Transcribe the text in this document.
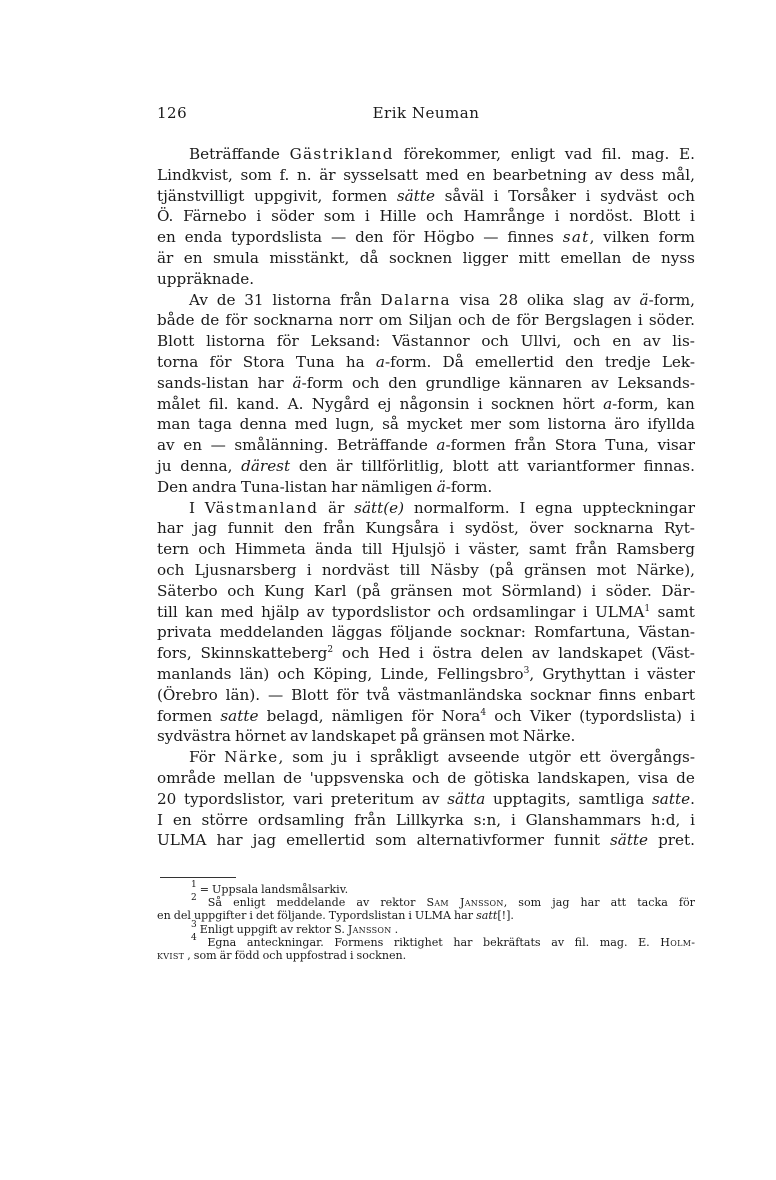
126	Erik Neuman
Beträffande Gästrikland förekommer, enligt vad fil. mag. E.
Lindkvist, som f. n. är sysselsatt med en bearbetning av dess mål,
tjänstvilligt uppgivit, formen sätte såväl i Torsåker i sydväst och
Ö. Färnebo i söder som i Hille och Hamrånge i nordöst. Blott i
en enda typordslista — den för Högbo — finnes sat, vilken form
är en smula misstänkt, då socknen ligger mitt emellan de nyss
uppräknade.
Av de 31 listorna från Dalarna visa 28 olika slag av ä-form,
både de för socknarna norr om Siljan och de för Bergslagen i söder.
Blott listorna för Leksand: Västannor och Ullvi, och en av lis-
torna för Stora Tuna ha a-form. Då emellertid den tredje Lek-
sands-listan har ä-form och den grundlige kännaren av Leksands-
målet fil. kand. A. Nygård ej någonsin i socknen hört a-form, kan
man taga denna med lugn, så mycket mer som listorna äro ifyllda
av en — smålänning. Beträffande a-formen från Stora Tuna, visar
ju denna, därest den är tillförlitlig, blott att variantformer finnas.
Den andra Tuna-listan har nämligen ä-form.
I Västmanland är sätt(e) normalform. I egna uppteckningar
har jag funnit den från Kungsåra i sydöst, över socknarna Ryt-
tern och Himmeta ända till Hjulsjö i väster, samt från Ramsberg
och Ljusnarsberg i nordväst till Näsby (på gränsen mot Närke),
Säterbo och Kung Karl (på gränsen mot Sörmland) i söder. Där-
till kan med hjälp av typordslistor och ordsamlingar i ULMA$^1$ samt
privata meddelanden läggas följande socknar: Romfartuna, Västan-
fors, Skinnskatteberg$^2$ och Hed i östra delen av landskapet (Väst-
manlands län) och Köping, Linde, Fellingsbro$^3$, Grythyttan i väster
(Örebro län). — Blott för två västmanländska socknar finns enbart
formen satte belagd, nämligen för Nora$^4$ och Viker (typordslista) i
sydvästra hörnet av landskapet på gränsen mot Närke.
För Närke, som ju i språkligt avseende utgör ett övergångs-
område mellan de 'uppsvenska och de götiska landskapen, visa de
20 typordslistor, vari preteritum av sätta upptagits, samtliga satte.
I en större ordsamling från Lillkyrka s:n, i Glanshammars h:d, i
ULMA har jag emellertid som alternativformer funnit sätte pret.
$^1$ = Uppsala landsmålsarkiv.
$^2$ Så enligt meddelande av rektor Sam Jansson, som jag har att tacka för
en del uppgifter i det följande. Typordslistan i ULMA har satt[!].
$^3$ Enligt uppgift av rektor S. Jansson .
$^4$ Egna anteckningar. Formens riktighet har bekräftats av fil. mag. E. Holm-
kvist , som är född och uppfostrad i socknen.
